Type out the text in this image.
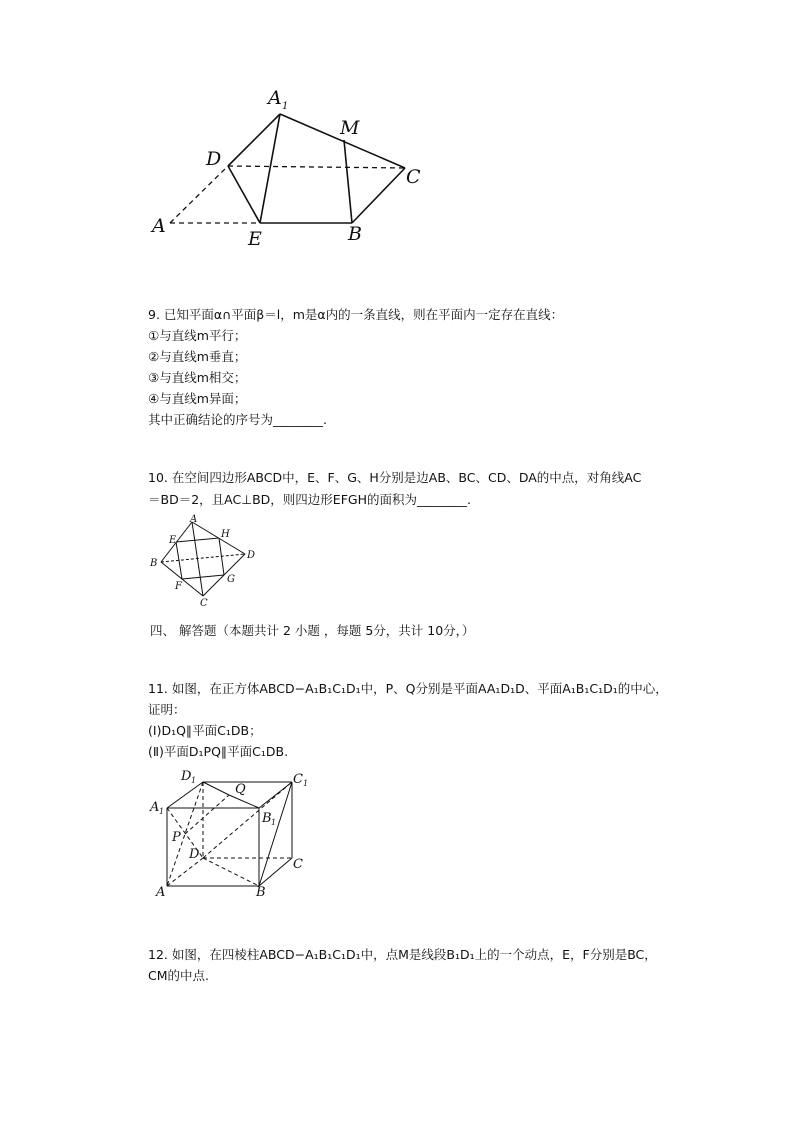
A 1
M
D
C
A
E	B
9. 已知平面α∩平面β＝l，m是α内的一条直线，则在平面内一定存在直线：
①与直线m平行；
②与直线m垂直；
③与直线m相交；
④与直线m异面；
其中正确结论的序号为________.
10. 在空间四边形ABCD中，E、F、G、H分别是边AB、BC、CD、DA的中点，对角线AC
＝BD＝2，且AC⊥BD，则四边形EFGH的面积为________.
A
E
H
B
D
F
G
C
四、 解答题（本题共计 2 小题 ，每题 5分，共计 10分，）
11. 如图，在正方体ABCD−A₁B₁C₁D₁中，P、Q分别是平面AA₁D₁D、平面A₁B₁C₁D₁的中心，
证明：
(Ⅰ)D₁Q∥平面C₁DB；
(Ⅱ)平面D₁PQ∥平面C₁DB.
D 1	C 1
A 1
Q
B 1
P
D
C
A	B
12. 如图，在四棱柱ABCD−A₁B₁C₁D₁中，点M是线段B₁D₁上的一个动点，E，F分别是BC，
CM的中点.
